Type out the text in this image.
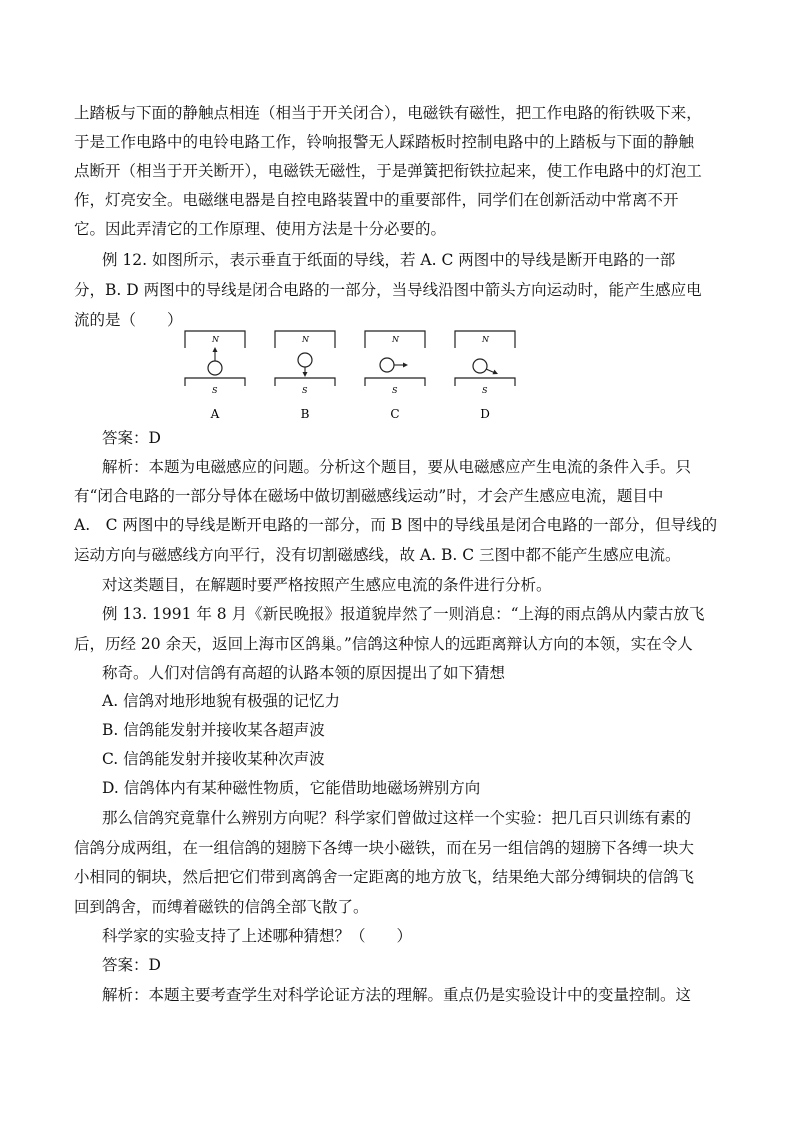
上踏板与下面的静触点相连（相当于开关闭合），电磁铁有磁性，把工作电路的衔铁吸下来，
于是工作电路中的电铃电路工作，铃响报警无人踩踏板时控制电路中的上踏板与下面的静触
点断开（相当于开关断开），电磁铁无磁性，于是弹簧把衔铁拉起来，使工作电路中的灯泡工
作，灯亮安全。电磁继电器是自控电路装置中的重要部件，同学们在创新活动中常离不开
它。因此弄清它的工作原理、使用方法是十分必要的。
例 12. 如图所示，表示垂直于纸面的导线，若 A. C 两图中的导线是断开电路的一部
分，B. D 两图中的导线是闭合电路的一部分，当导线沿图中箭头方向运动时，能产生感应电
流的是（　　）
N
S
A
N
S
B
N
S
C
N
S
D
答案：D
解析：本题为电磁感应的问题。分析这个题目，要从电磁感应产生电流的条件入手。只
有“闭合电路的一部分导体在磁场中做切割磁感线运动”时，才会产生感应电流，题目中
A.　C 两图中的导线是断开电路的一部分，而 B 图中的导线虽是闭合电路的一部分，但导线的
运动方向与磁感线方向平行，没有切割磁感线，故 A. B. C 三图中都不能产生感应电流。
对这类题目，在解题时要严格按照产生感应电流的条件进行分析。
例 13. 1991 年 8 月《新民晚报》报道貌岸然了一则消息：“上海的雨点鸽从内蒙古放飞
后，历经 20 余天，返回上海市区鸽巢。”信鸽这种惊人的远距离辩认方向的本领，实在令人
称奇。人们对信鸽有高超的认路本领的原因提出了如下猜想
A. 信鸽对地形地貌有极强的记忆力
B. 信鸽能发射并接收某各超声波
C. 信鸽能发射并接收某种次声波
D. 信鸽体内有某种磁性物质，它能借助地磁场辨别方向
那么信鸽究竟靠什么辨别方向呢？科学家们曾做过这样一个实验：把几百只训练有素的
信鸽分成两组，在一组信鸽的翅膀下各缚一块小磁铁，而在另一组信鸽的翅膀下各缚一块大
小相同的铜块，然后把它们带到离鸽舍一定距离的地方放飞，结果绝大部分缚铜块的信鸽飞
回到鸽舍，而缚着磁铁的信鸽全部飞散了。
科学家的实验支持了上述哪种猜想？（　　）
答案：D
解析：本题主要考查学生对科学论证方法的理解。重点仍是实验设计中的变量控制。这
